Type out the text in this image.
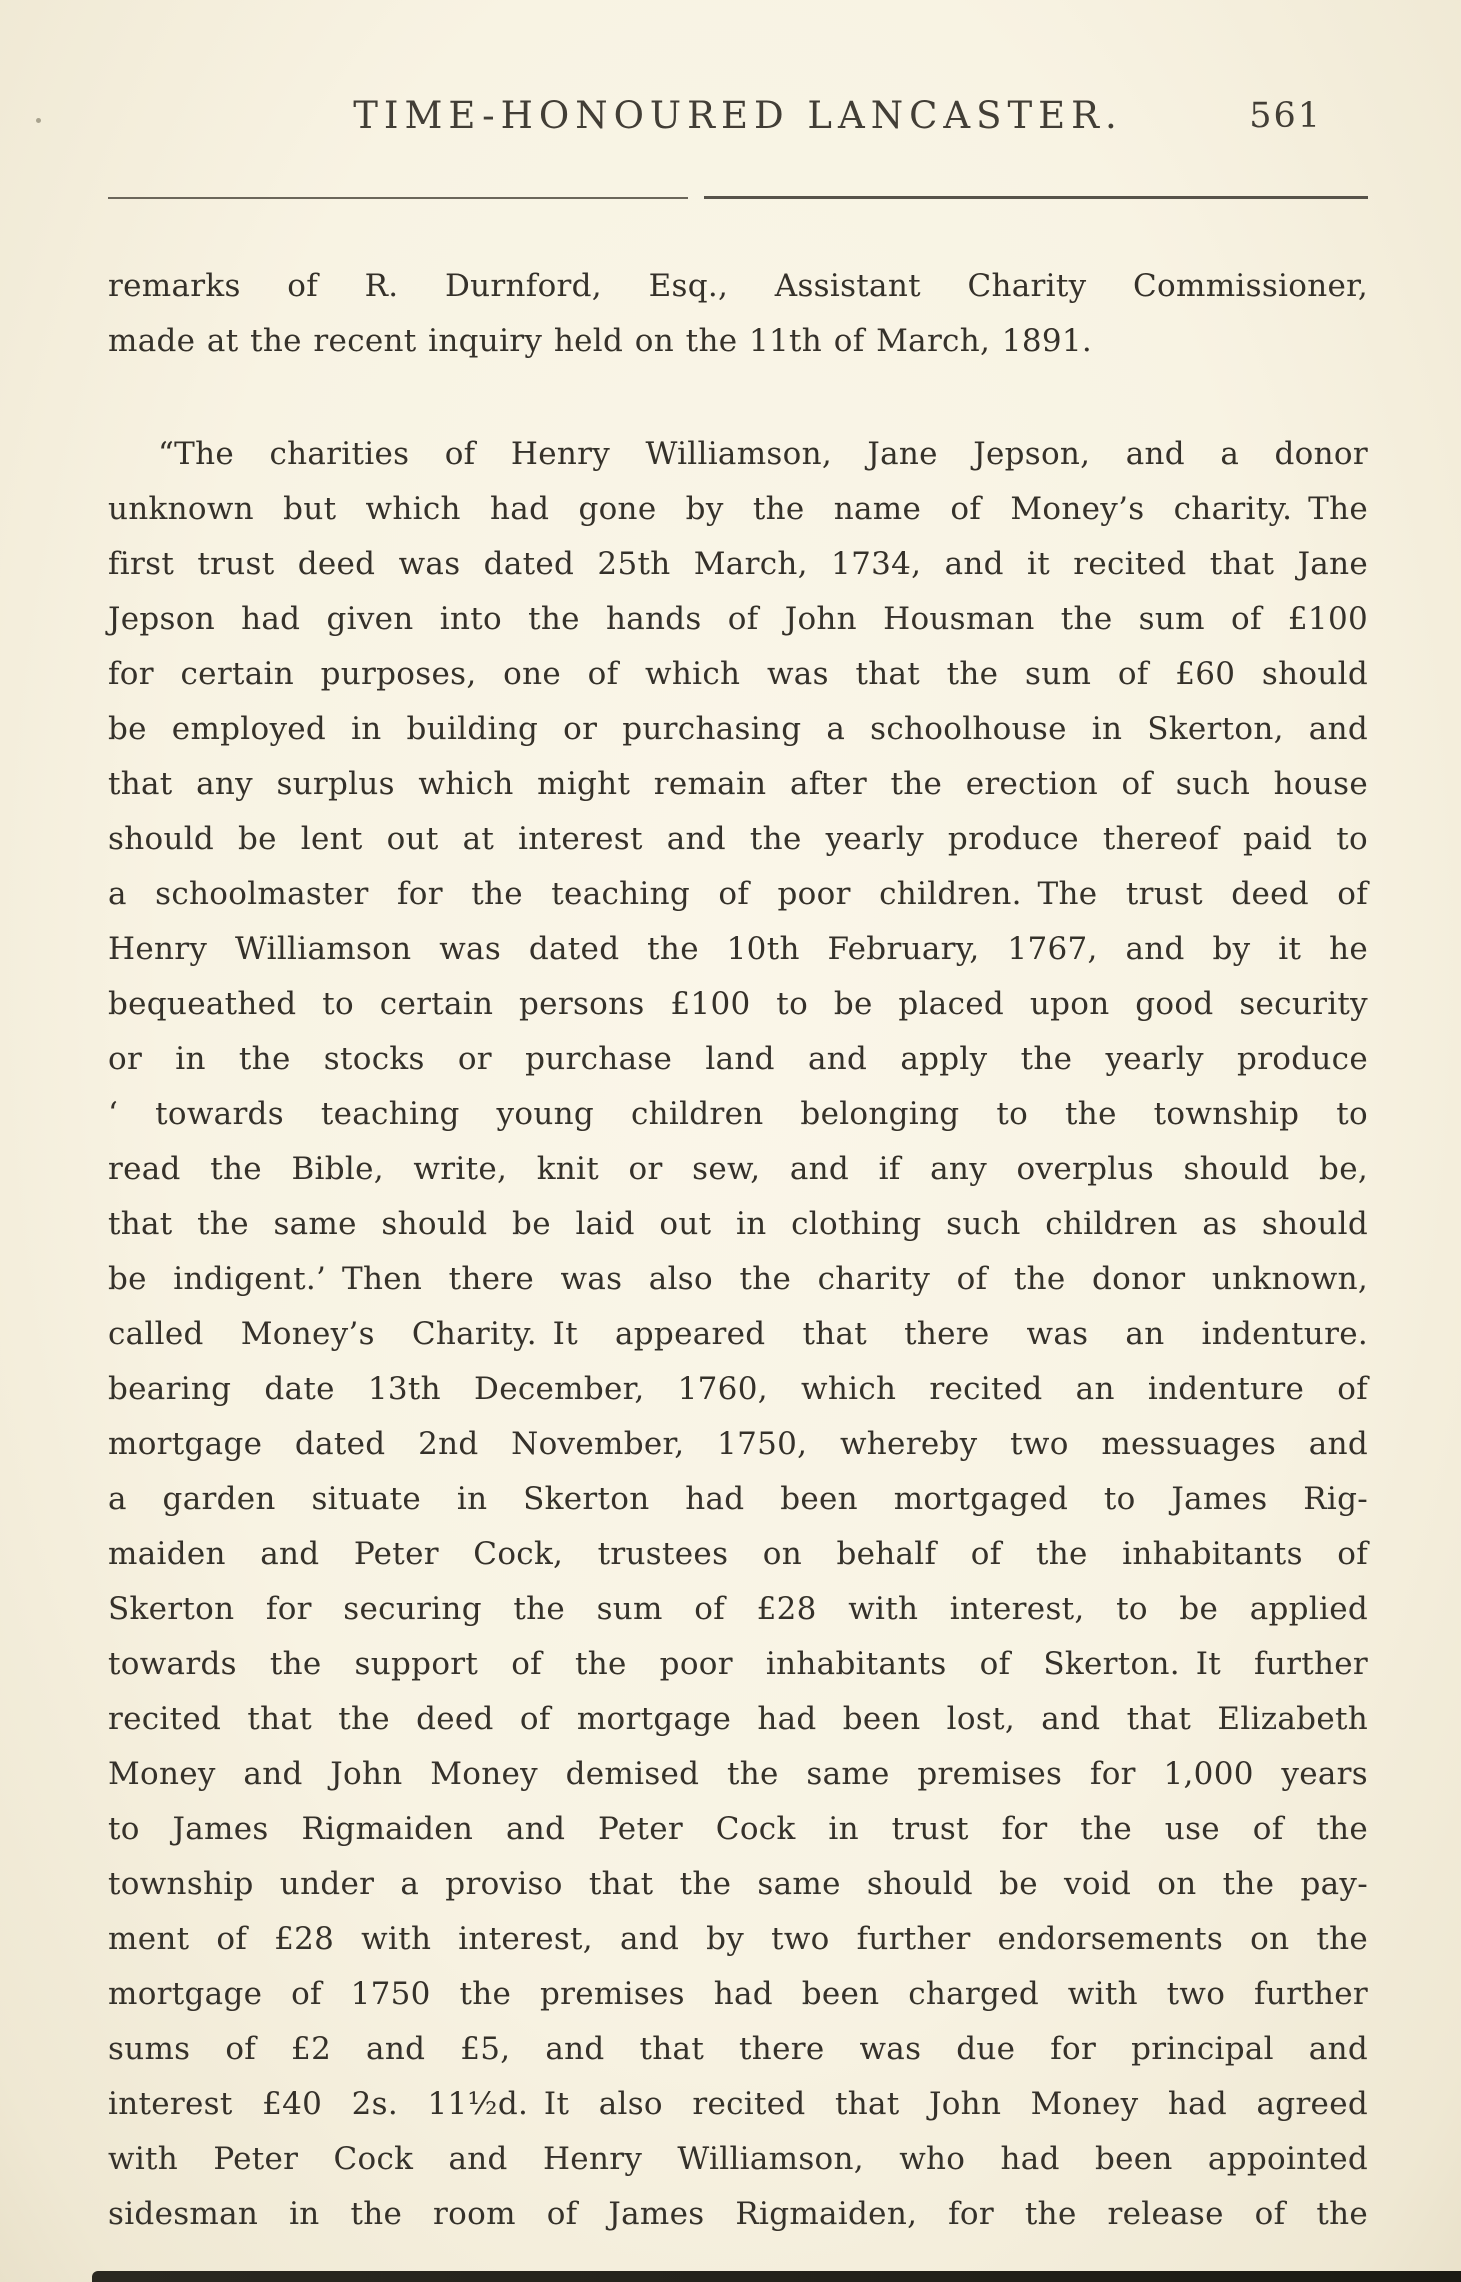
TIME-HONOURED LANCASTER.	561
remarks of R. Durnford, Esq., Assistant Charity Commissioner,
made at the recent inquiry held on the 11th of March, 1891.
“The charities of Henry Williamson, Jane Jepson, and a donor
unknown but which had gone by the name of Money’s charity. The
first trust deed was dated 25th March, 1734, and it recited that Jane
Jepson had given into the hands of John Housman the sum of £100
for certain purposes, one of which was that the sum of £60 should
be employed in building or purchasing a schoolhouse in Skerton, and
that any surplus which might remain after the erection of such house
should be lent out at interest and the yearly produce thereof paid to
a schoolmaster for the teaching of poor children. The trust deed of
Henry Williamson was dated the 10th February, 1767, and by it he
bequeathed to certain persons £100 to be placed upon good security
or in the stocks or purchase land and apply the yearly produce
‘ towards teaching young children belonging to the township to
read the Bible, write, knit or sew, and if any overplus should be,
that the same should be laid out in clothing such children as should
be indigent.’ Then there was also the charity of the donor unknown,
called Money’s Charity. It appeared that there was an indenture.
bearing date 13th December, 1760, which recited an indenture of
mortgage dated 2nd November, 1750, whereby two messuages and
a garden situate in Skerton had been mortgaged to James Rig-
maiden and Peter Cock, trustees on behalf of the inhabitants of
Skerton for securing the sum of £28 with interest, to be applied
towards the support of the poor inhabitants of Skerton. It further
recited that the deed of mortgage had been lost, and that Elizabeth
Money and John Money demised the same premises for 1,000 years
to James Rigmaiden and Peter Cock in trust for the use of the
township under a proviso that the same should be void on the pay-
ment of £28 with interest, and by two further endorsements on the
mortgage of 1750 the premises had been charged with two further
sums of £2 and £5, and that there was due for principal and
interest £40 2s. 11½d. It also recited that John Money had agreed
with Peter Cock and Henry Williamson, who had been appointed
sidesman in the room of James Rigmaiden, for the release of the
